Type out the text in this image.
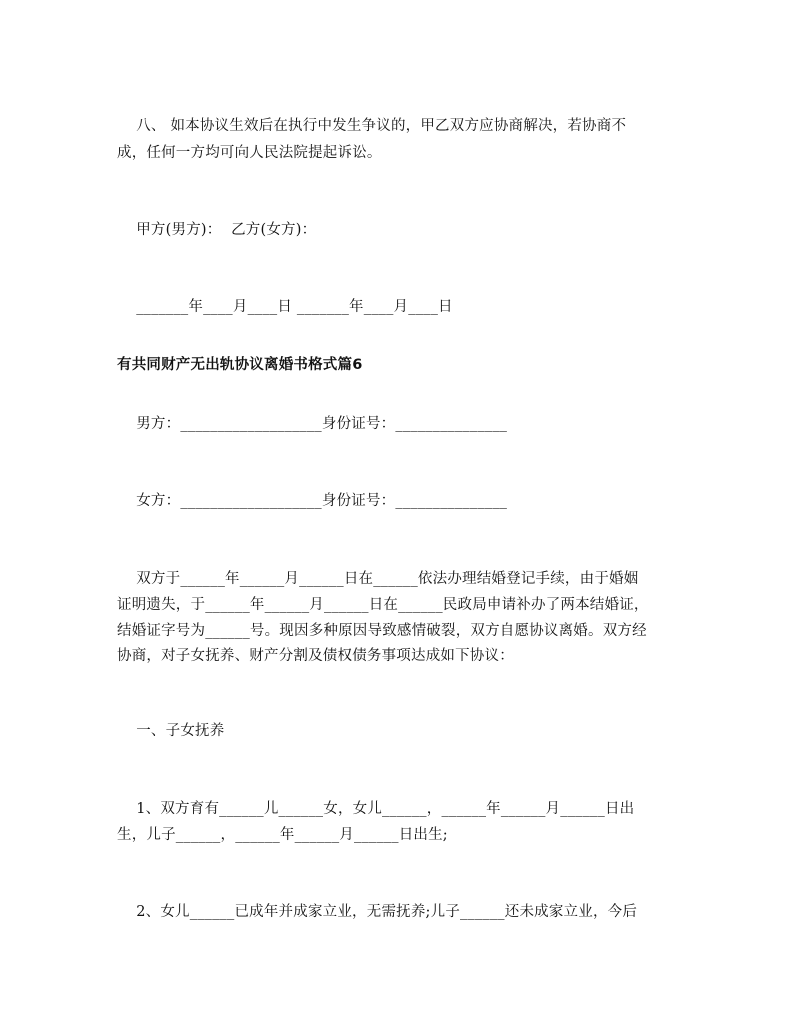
八、 如本协议生效后在执行中发生争议的，甲乙双方应协商解决，若协商不
成，任何一方均可向人民法院提起诉讼。
甲方(男方)：  乙方(女方)：
_______年____月____日 _______年____月____日
有共同财产无出轨协议离婚书格式篇6
男方：___________________身份证号：_______________
女方：___________________身份证号：_______________
双方于______年______月______日在______依法办理结婚登记手续，由于婚姻
证明遗失，于______年______月______日在______民政局申请补办了两本结婚证，
结婚证字号为______号。现因多种原因导致感情破裂，双方自愿协议离婚。双方经
协商，对子女抚养、财产分割及债权债务事项达成如下协议：
一、子女抚养
1、双方育有______儿______女，女儿______，______年______月______日出
生，儿子______，______年______月______日出生;
2、女儿______已成年并成家立业，无需抚养;儿子______还未成家立业，今后
